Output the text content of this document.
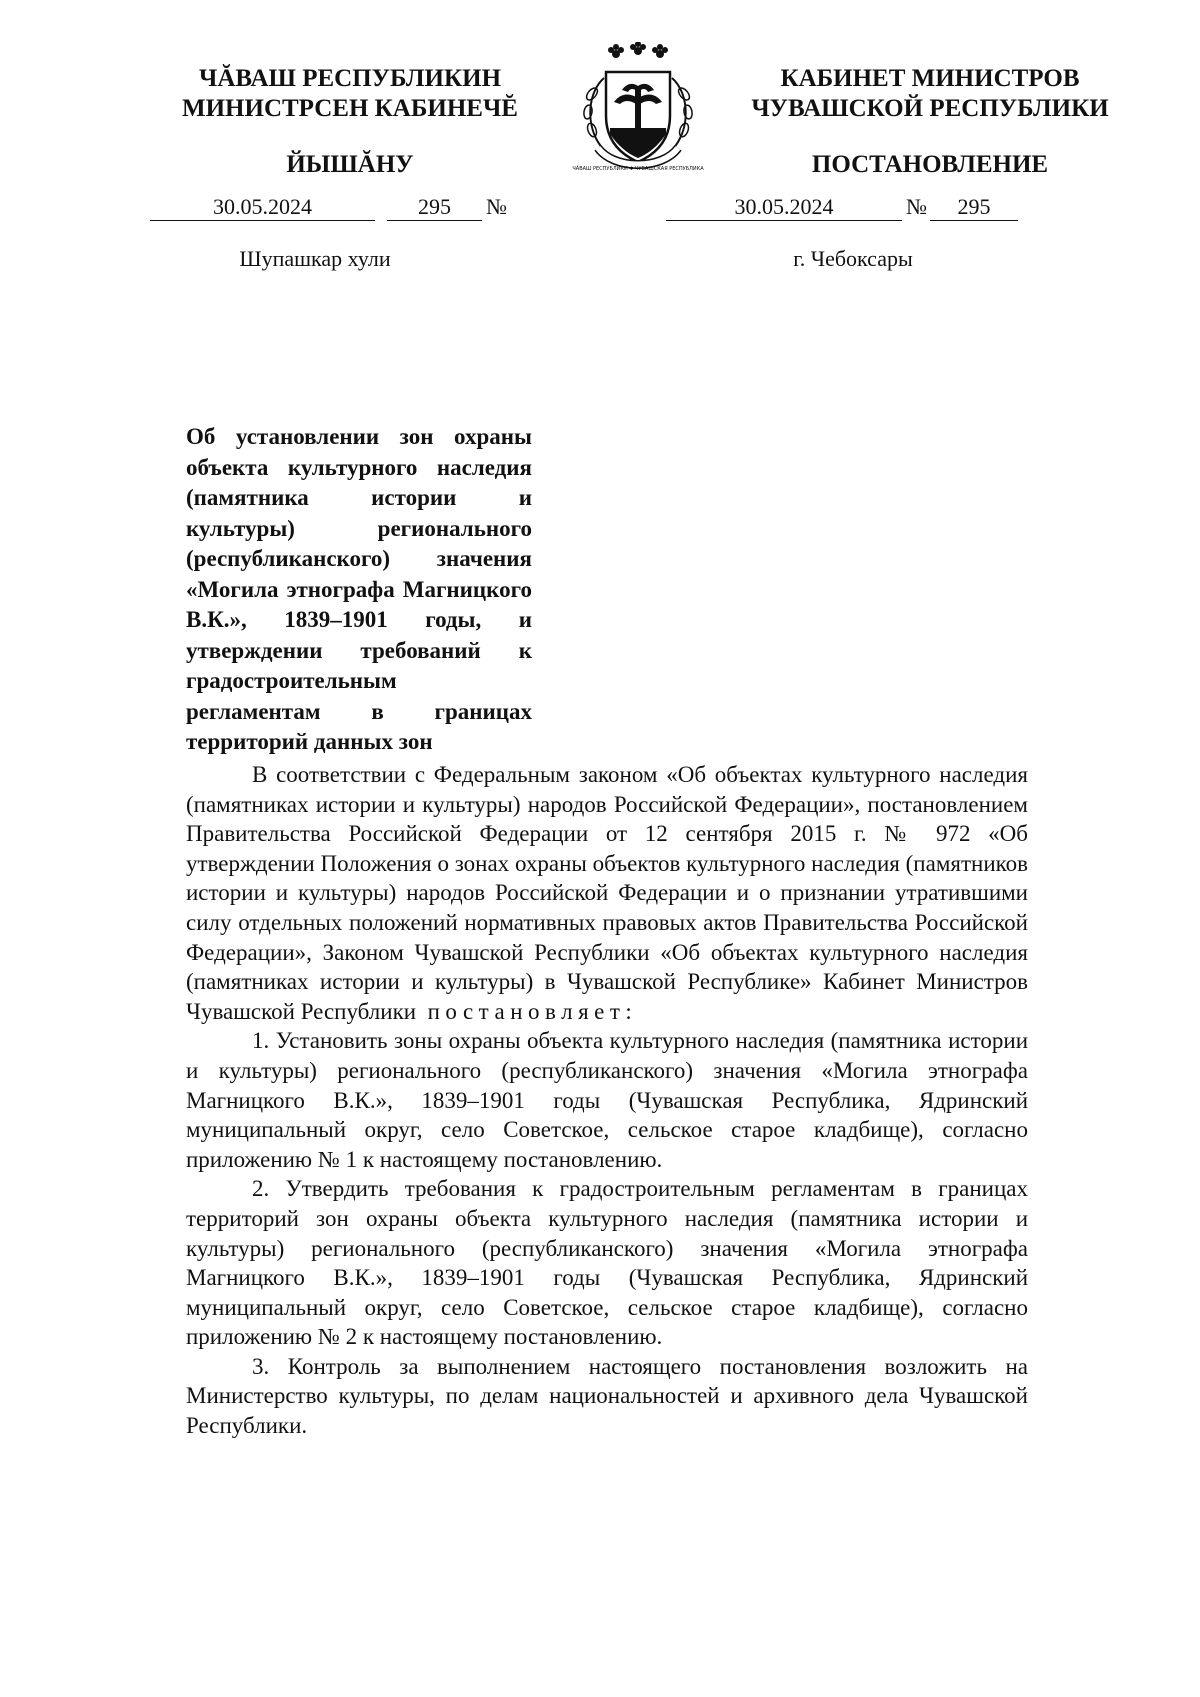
ЧĂВАШ РЕСПУБЛИКИН
МИНИСТРСЕН КАБИНЕЧĔ
ЙЫШĂНУ
КАБИНЕТ МИНИСТРОВ
ЧУВАШСКОЙ РЕСПУБЛИКИ
ПОСТАНОВЛЕНИЕ
ЧĂВАШ РЕСПУБЛИКИ ✱ ЧУВАШСКАЯ РЕСПУБЛИКА
30.05.2024	295	№	30.05.2024	№	295
Шупашкар хули	г. Чебоксары
Об установлении зон охраны объекта культурного наследия (памятника истории и культуры) регионального (республиканского) значения «Могила этнографа Магницкого В.К.», 1839–1901 годы, и утверждении требований к градостроительным регламентам в границах территорий данных зон

В соответствии с Федеральным законом «Об объектах культурного наследия (памятниках истории и культуры) народов Российской Федерации», постановлением Правительства Российской Федерации от 12 сентября 2015 г. № 972 «Об утверждении Положения о зонах охраны объектов культурного наследия (памятников истории и культуры) народов Российской Федерации и о признании утратившими силу отдельных положений нормативных правовых актов Правительства Российской Федерации», Законом Чувашской Республики «Об объектах культурного наследия (памятниках истории и культуры) в Чувашской Республике» Кабинет Министров Чувашской Республики постановляет:

1. Установить зоны охраны объекта культурного наследия (памятника истории и культуры) регионального (республиканского) значения «Могила этнографа Магницкого В.К.», 1839–1901 годы (Чувашская Республика, Ядринский муниципальный округ, село Советское, сельское старое кладбище), согласно приложению № 1 к настоящему постановлению.

2. Утвердить требования к градостроительным регламентам в границах территорий зон охраны объекта культурного наследия (памятника истории и культуры) регионального (республиканского) значения «Могила этнографа Магницкого В.К.», 1839–1901 годы (Чувашская Республика, Ядринский муниципальный округ, село Советское, сельское старое кладбище), согласно приложению № 2 к настоящему постановлению.

3. Контроль за выполнением настоящего постановления возложить на Министерство культуры, по делам национальностей и архивного дела Чувашской Республики.
